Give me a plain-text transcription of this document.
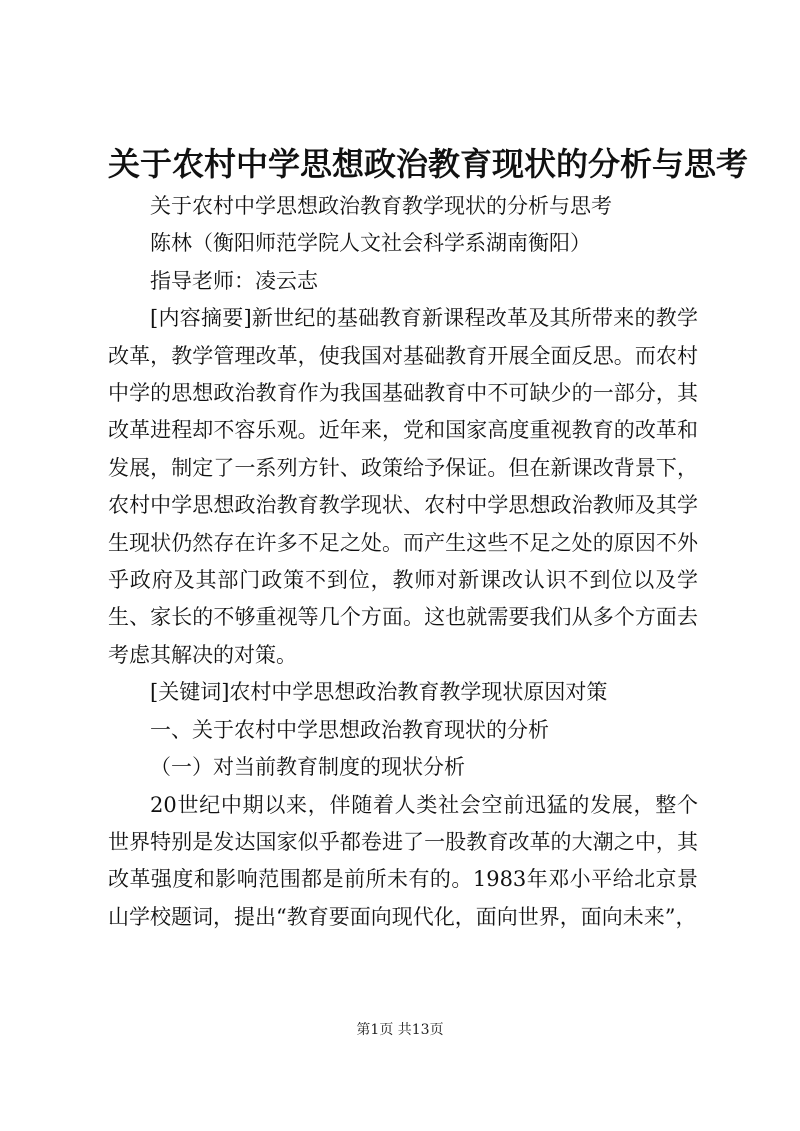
关于农村中学思想政治教育现状的分析与思考

关于农村中学思想政治教育教学现状的分析与思考

陈林（衡阳师范学院人文社会科学系湖南衡阳）

指导老师：凌云志

[内容摘要]新世纪的基础教育新课程改革及其所带来的教学改革，教学管理改革，使我国对基础教育开展全面反思。而农村中学的思想政治教育作为我国基础教育中不可缺少的一部分，其改革进程却不容乐观。近年来，党和国家高度重视教育的改革和发展，制定了一系列方针、政策给予保证。但在新课改背景下，农村中学思想政治教育教学现状、农村中学思想政治教师及其学生现状仍然存在许多不足之处。而产生这些不足之处的原因不外乎政府及其部门政策不到位，教师对新课改认识不到位以及学生、家长的不够重视等几个方面。这也就需要我们从多个方面去考虑其解决的对策。

[关键词]农村中学思想政治教育教学现状原因对策

一、关于农村中学思想政治教育现状的分析

（一）对当前教育制度的现状分析

20世纪中期以来，伴随着人类社会空前迅猛的发展，整个世界特别是发达国家似乎都卷进了一股教育改革的大潮之中，其改革强度和影响范围都是前所未有的。1983年邓小平给北京景山学校题词，提出“教育要面向现代化，面向世界，面向未来”，

第1页 共13页
